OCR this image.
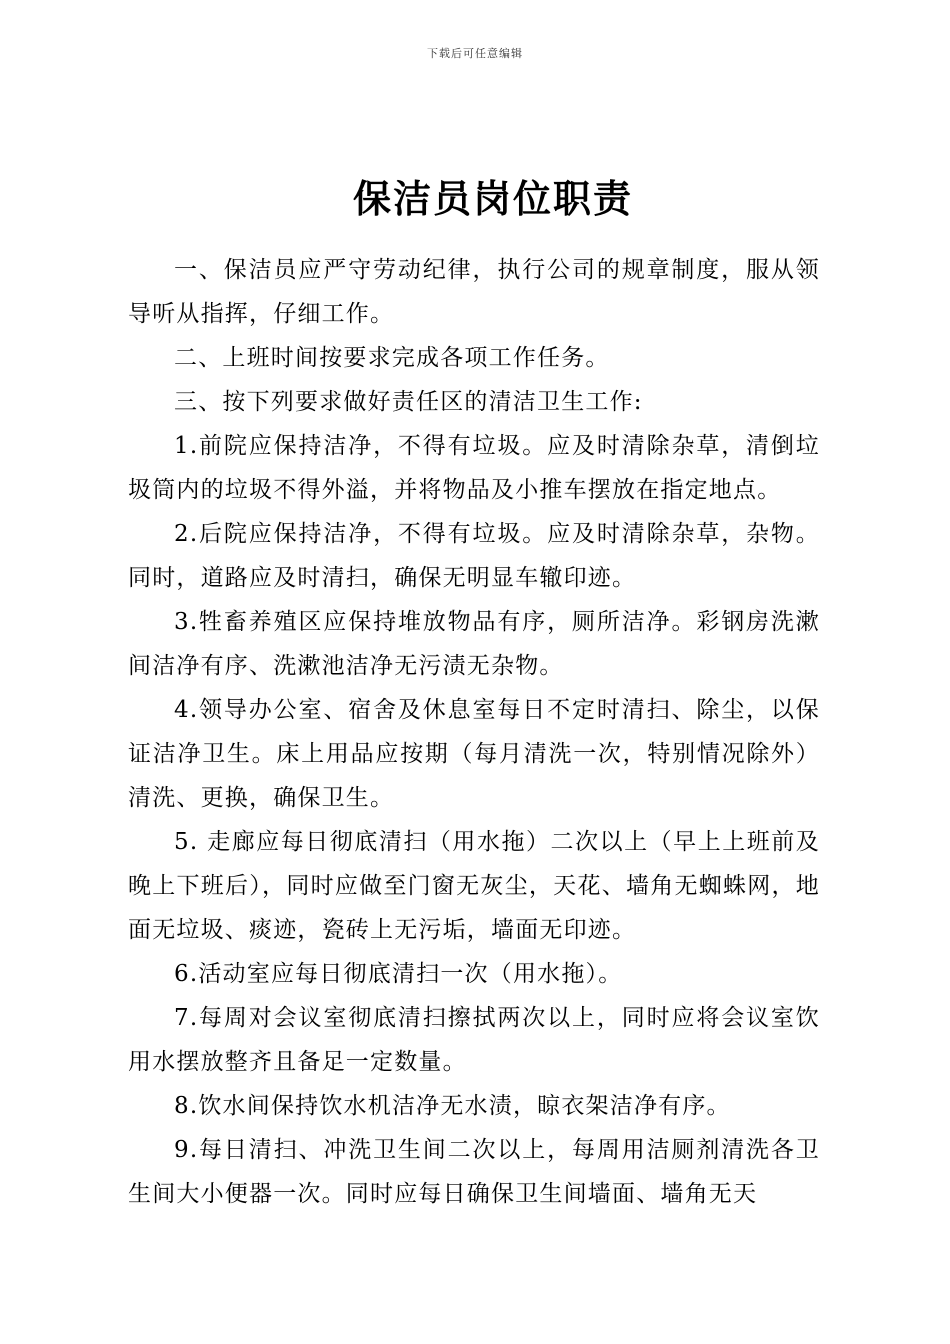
下载后可任意编辑
保洁员岗位职责

一、保洁员应严守劳动纪律，执行公司的规章制度，服从领导听从指挥，仔细工作。

二、上班时间按要求完成各项工作任务。

三、按下列要求做好责任区的清洁卫生工作:

1.前院应保持洁净，不得有垃圾。应及时清除杂草，清倒垃圾筒内的垃圾不得外溢，并将物品及小推车摆放在指定地点。

2.后院应保持洁净，不得有垃圾。应及时清除杂草，杂物。同时，道路应及时清扫，确保无明显车辙印迹。

3.牲畜养殖区应保持堆放物品有序，厕所洁净。彩钢房洗漱间洁净有序、洗漱池洁净无污渍无杂物。

4.领导办公室、宿舍及休息室每日不定时清扫、除尘，以保证洁净卫生。床上用品应按期（每月清洗一次，特别情况除外）清洗、更换，确保卫生。

5. 走廊应每日彻底清扫（用水拖）二次以上（早上上班前及晚上下班后），同时应做至门窗无灰尘，天花、墙角无蜘蛛网，地面无垃圾、痰迹，瓷砖上无污垢，墙面无印迹。

6.活动室应每日彻底清扫一次（用水拖）。

7.每周对会议室彻底清扫擦拭两次以上，同时应将会议室饮用水摆放整齐且备足一定数量。

8.饮水间保持饮水机洁净无水渍，晾衣架洁净有序。

9.每日清扫、冲洗卫生间二次以上，每周用洁厕剂清洗各卫生间大小便器一次。同时应每日确保卫生间墙面、墙角无天
